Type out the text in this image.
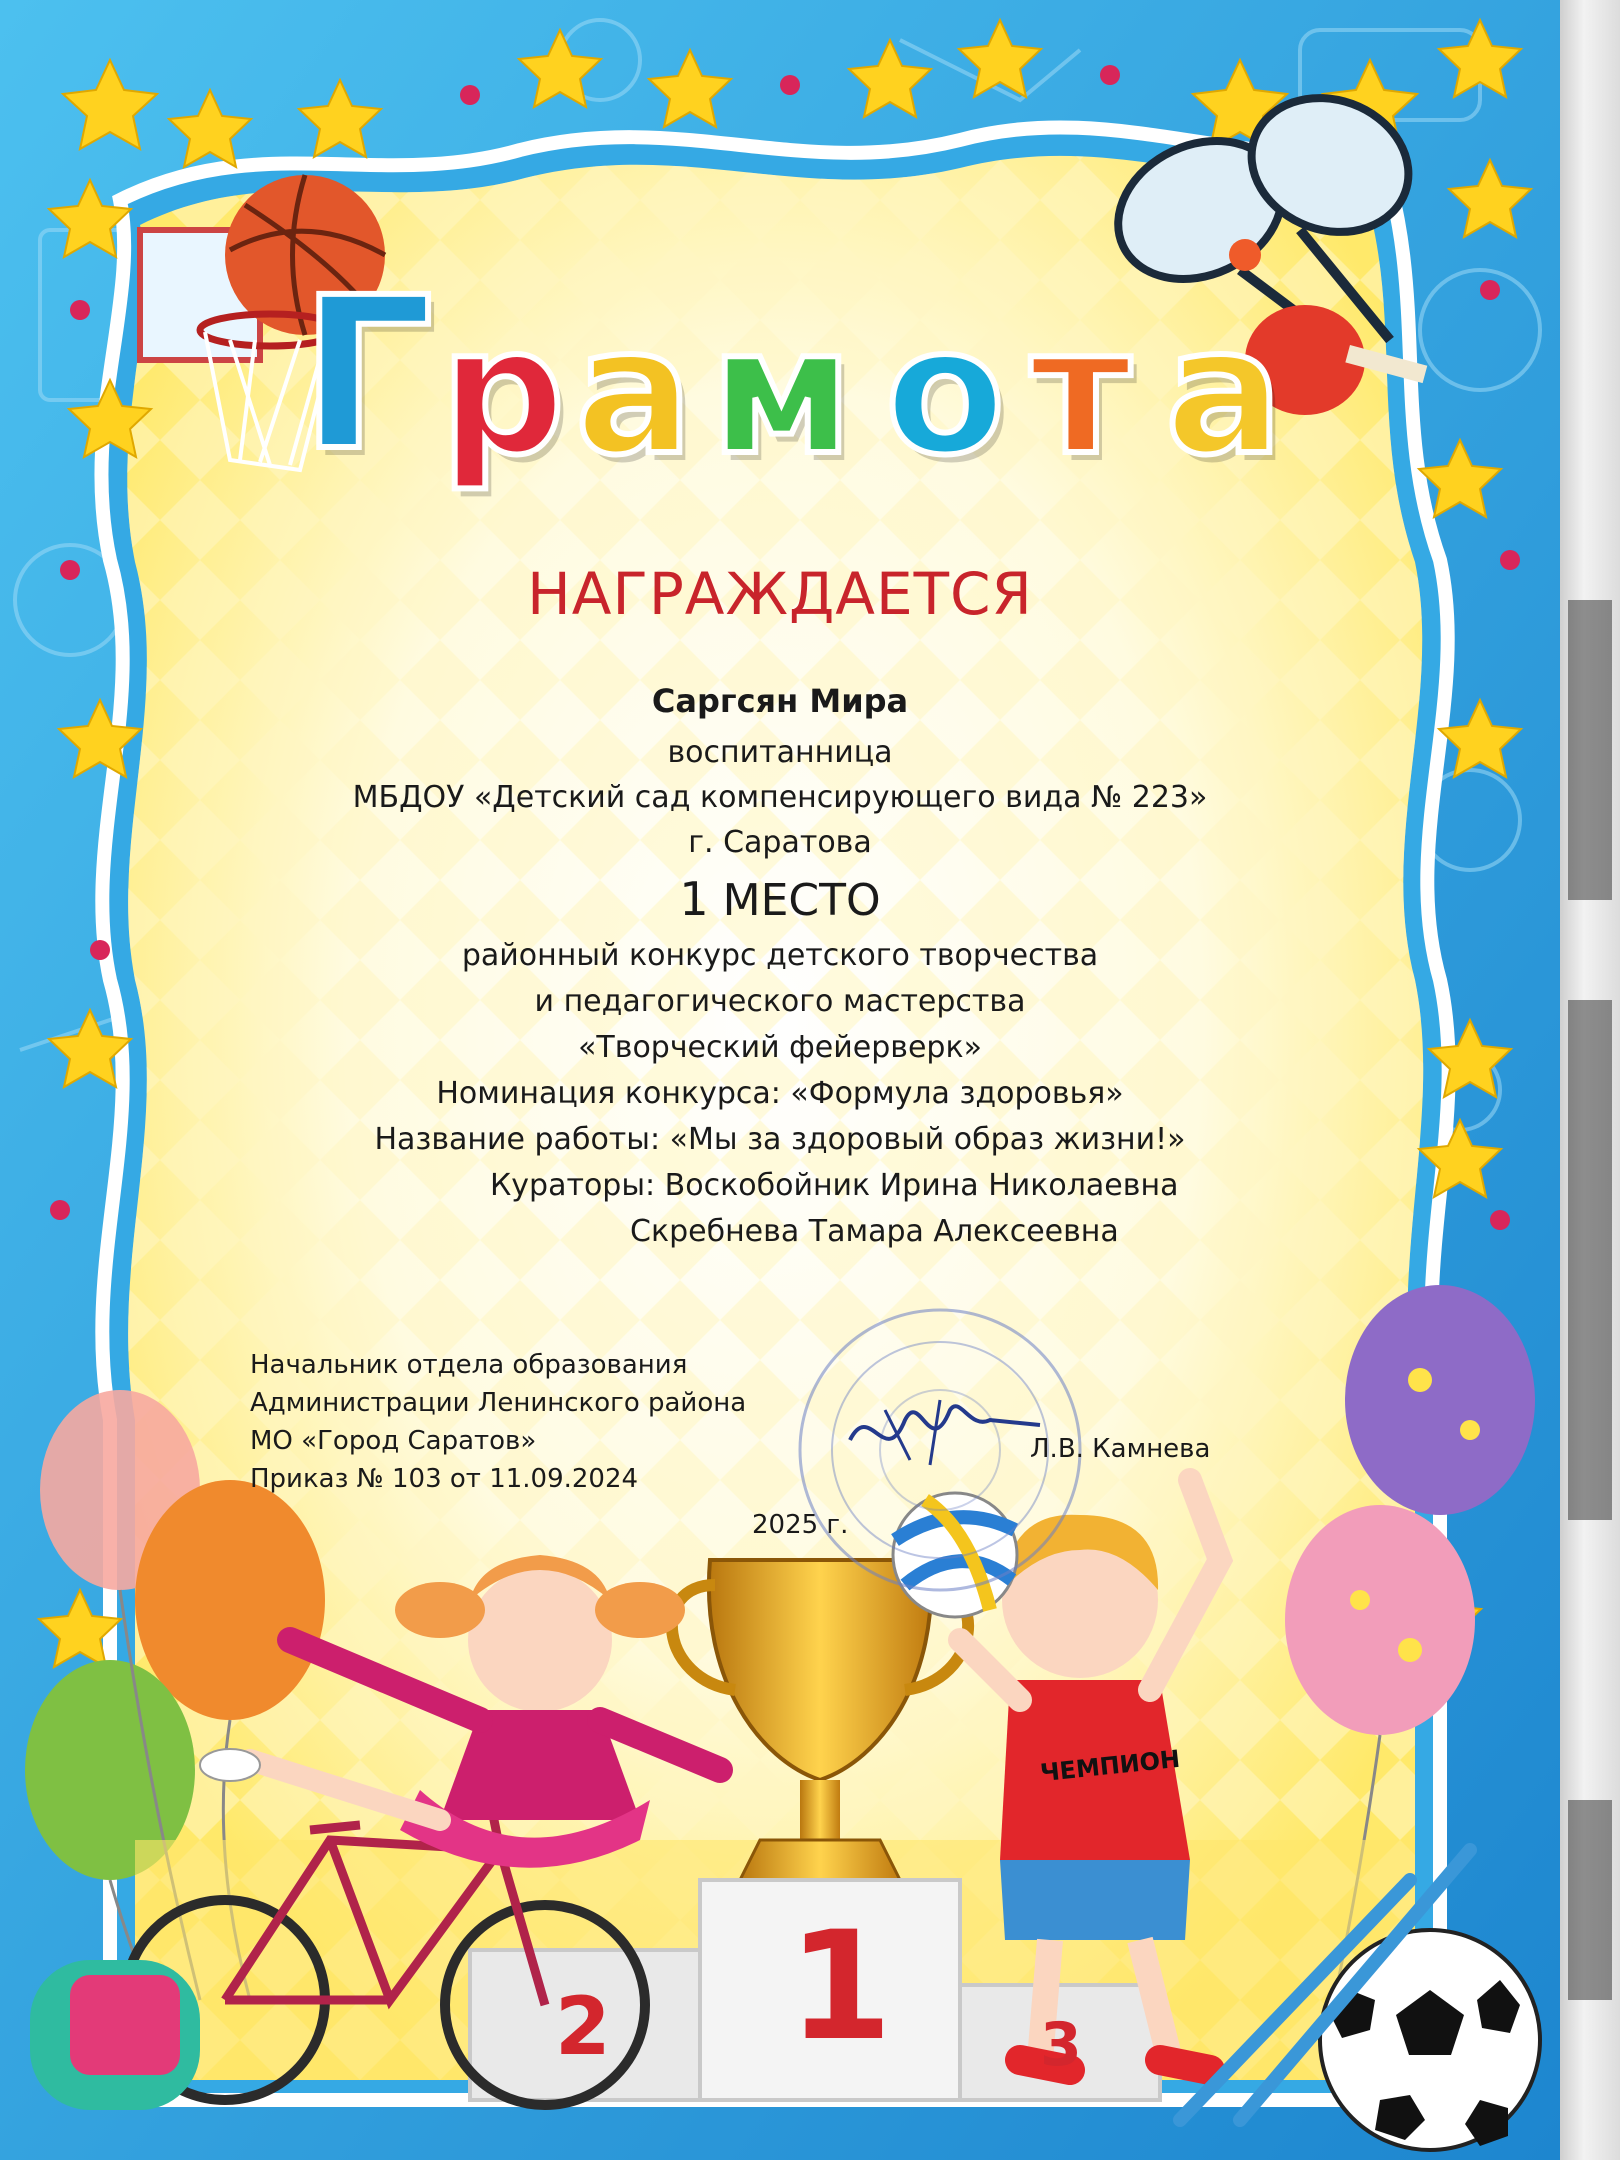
Г р а м о т а
НАГРАЖДАЕТСЯ
Саргсян Мира
воспитанница
МБДОУ «Детский сад компенсирующего вида № 223»
г. Саратова
1 МЕСТО
районный конкурс детского творчества
и педагогического мастерства
«Творческий фейерверк»
Номинация конкурса: «Формула здоровья»
Название работы: «Мы за здоровый образ жизни!»
Кураторы: Воскобойник Ирина Николаевна
Скребнева Тамара Алексеевна
Начальник отдела образования
Администрации Ленинского района
МО «Город Саратов»
Приказ № 103 от 11.09.2024
Л.В. Камнева
2025 г.
1
2	3
ЧЕМПИОН
